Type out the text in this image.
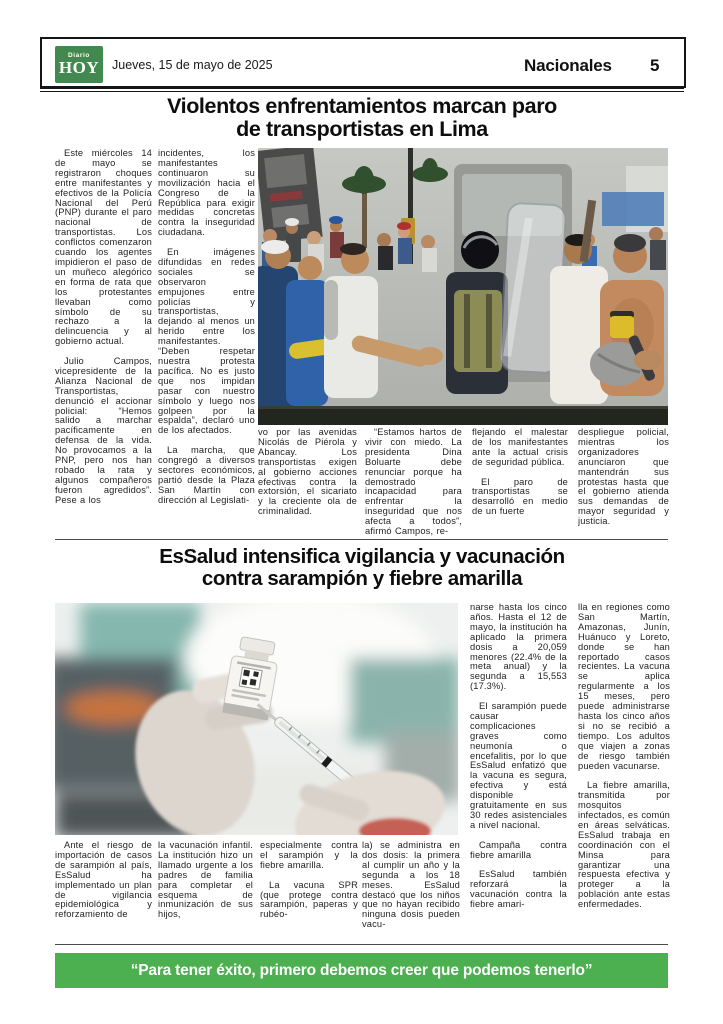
Diario
HOY Jueves, 15 de mayo de 2025	Nacionales 5
Violentos enfrentamientos marcan paro
de transportistas en Lima

Este miércoles 14 de mayo se registraron choques entre manifestantes y efectivos de la Policía Nacional del Perú (PNP) durante el paro nacional de transportistas. Los conflictos comenzaron cuando los agentes impidieron el paso de un muñeco alegórico en forma de rata que los protestantes llevaban como símbolo de su rechazo a la delincuencia y al gobierno actual.

Julio Campos, vicepresidente de la Alianza Nacional de Transportistas, denunció el accionar policial: “Hemos salido a marchar pacíficamente en defensa de la vida. No provocamos a la PNP, pero nos han robado la rata y algunos compañeros fueron agredidos”. Pese a los

incidentes, los manifestantes continuaron su movilización hacia el Congreso de la República para exigir medidas concretas contra la inseguridad ciudadana.

En imágenes difundidas en redes sociales se observaron empujones entre policías y transportistas, dejando al menos un herido entre los manifestantes. “Deben respetar nuestra protesta pacífica. No es justo que nos impidan pasar con nuestro símbolo y luego nos golpeen por la espalda”, declaró uno de los afectados.

La marcha, que congregó a diversos sectores económicos, partió desde la Plaza San Martín con dirección al Legislati-

vo por las avenidas Nicolás de Piérola y Abancay. Los transportistas exigen al gobierno acciones efectivas contra la extorsión, el sicariato y la creciente ola de criminalidad.

“Estamos hartos de vivir con miedo. La presidenta Dina Boluarte debe renunciar porque ha demostrado incapacidad para enfrentar la inseguridad que nos afecta a todos”, afirmó Campos, re-

flejando el malestar de los manifestantes ante la actual crisis de seguridad pública.

El paro de transportistas se desarrolló en medio de un fuerte

despliegue policial, mientras los organizadores anunciaron que mantendrán sus protestas hasta que el gobierno atienda sus demandas de mayor seguridad y justicia.

EsSalud intensifica vigilancia y vacunación
contra sarampión y fiebre amarilla

narse hasta los cinco años. Hasta el 12 de mayo, la institución ha aplicado la primera dosis a 20,059 menores (22.4% de la meta anual) y la segunda a 15,553 (17.3%).

El sarampión puede causar complicaciones graves como neumonía o encefalitis, por lo que EsSalud enfatizó que la vacuna es segura, efectiva y está disponible gratuitamente en sus 30 redes asistenciales a nivel nacional.

Campaña contra fiebre amarilla

EsSalud también reforzará la vacunación contra la fiebre amari-

lla en regiones como San Martín, Amazonas, Junín, Huánuco y Loreto, donde se han reportado casos recientes. La vacuna se aplica regularmente a los 15 meses, pero puede administrarse hasta los cinco años si no se recibió a tiempo. Los adultos que viajen a zonas de riesgo también pueden vacunarse.

La fiebre amarilla, transmitida por mosquitos infectados, es común en áreas selváticas. EsSalud trabaja en coordinación con el Minsa para garantizar una respuesta efectiva y proteger a la población ante estas enfermedades.

Ante el riesgo de importación de casos de sarampión al país, EsSalud ha implementado un plan de vigilancia epidemiológica y reforzamiento de

la vacunación infantil. La institución hizo un llamado urgente a los padres de familia para completar el esquema de inmunización de sus hijos,

especialmente contra el sarampión y la fiebre amarilla.

La vacuna SPR (que protege contra sarampión, paperas y rubéo-

la) se administra en dos dosis: la primera al cumplir un año y la segunda a los 18 meses. EsSalud destacó que los niños que no hayan recibido ninguna dosis pueden vacu-

“Para tener éxito, primero debemos creer que podemos tenerlo”
